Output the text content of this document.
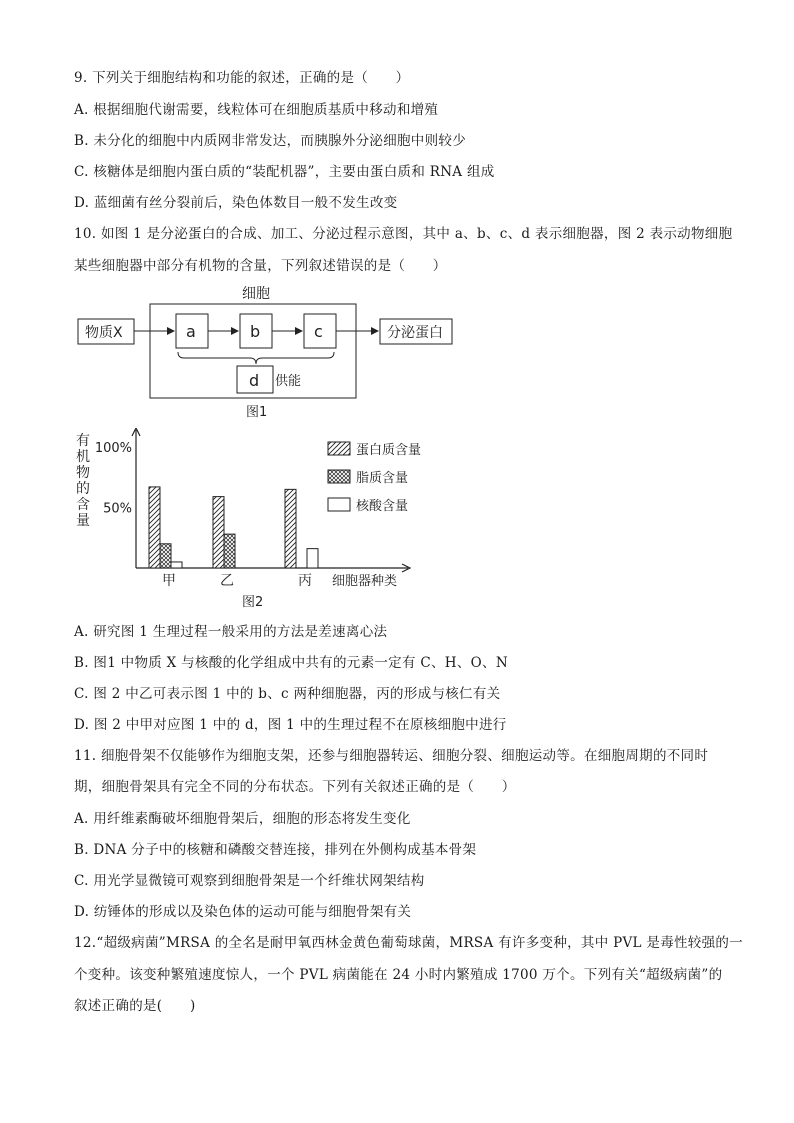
9. 下列关于细胞结构和功能的叙述，正确的是（　　）
A. 根据细胞代谢需要，线粒体可在细胞质基质中移动和增殖
B. 未分化的细胞中内质网非常发达，而胰腺外分泌细胞中则较少
C. 核糖体是细胞内蛋白质的“装配机器”，主要由蛋白质和 RNA 组成
D. 蓝细菌有丝分裂前后，染色体数目一般不发生改变
10. 如图 1 是分泌蛋白的合成、加工、分泌过程示意图，其中 a、b、c、d 表示细胞器，图 2 表示动物细胞
某些细胞器中部分有机物的含量，下列叙述错误的是（　　）
细胞
物质X	a	b	c	分泌蛋白
d 供能
图1
有
机
物
的
含
量
100%
50%
甲	乙	丙 细胞器种类
蛋白质含量
脂质含量
核酸含量
图2
A. 研究图 1 生理过程一般采用的方法是差速离心法
B. 图1 中物质 X 与核酸的化学组成中共有的元素一定有 C、H、O、N
C. 图 2 中乙可表示图 1 中的 b、c 两种细胞器，丙的形成与核仁有关
D. 图 2 中甲对应图 1 中的 d，图 1 中的生理过程不在原核细胞中进行
11. 细胞骨架不仅能够作为细胞支架，还参与细胞器转运、细胞分裂、细胞运动等。在细胞周期的不同时
期，细胞骨架具有完全不同的分布状态。下列有关叙述正确的是（　　）
A. 用纤维素酶破坏细胞骨架后，细胞的形态将发生变化
B. DNA 分子中的核糖和磷酸交替连接，排列在外侧构成基本骨架
C. 用光学显微镜可观察到细胞骨架是一个纤维状网架结构
D. 纺锤体的形成以及染色体的运动可能与细胞骨架有关
12.“超级病菌”MRSA 的全名是耐甲氧西林金黄色葡萄球菌，MRSA 有许多变种，其中 PVL 是毒性较强的一
个变种。该变种繁殖速度惊人，一个 PVL 病菌能在 24 小时内繁殖成 1700 万个。下列有关“超级病菌”的
叙述正确的是(　　)
